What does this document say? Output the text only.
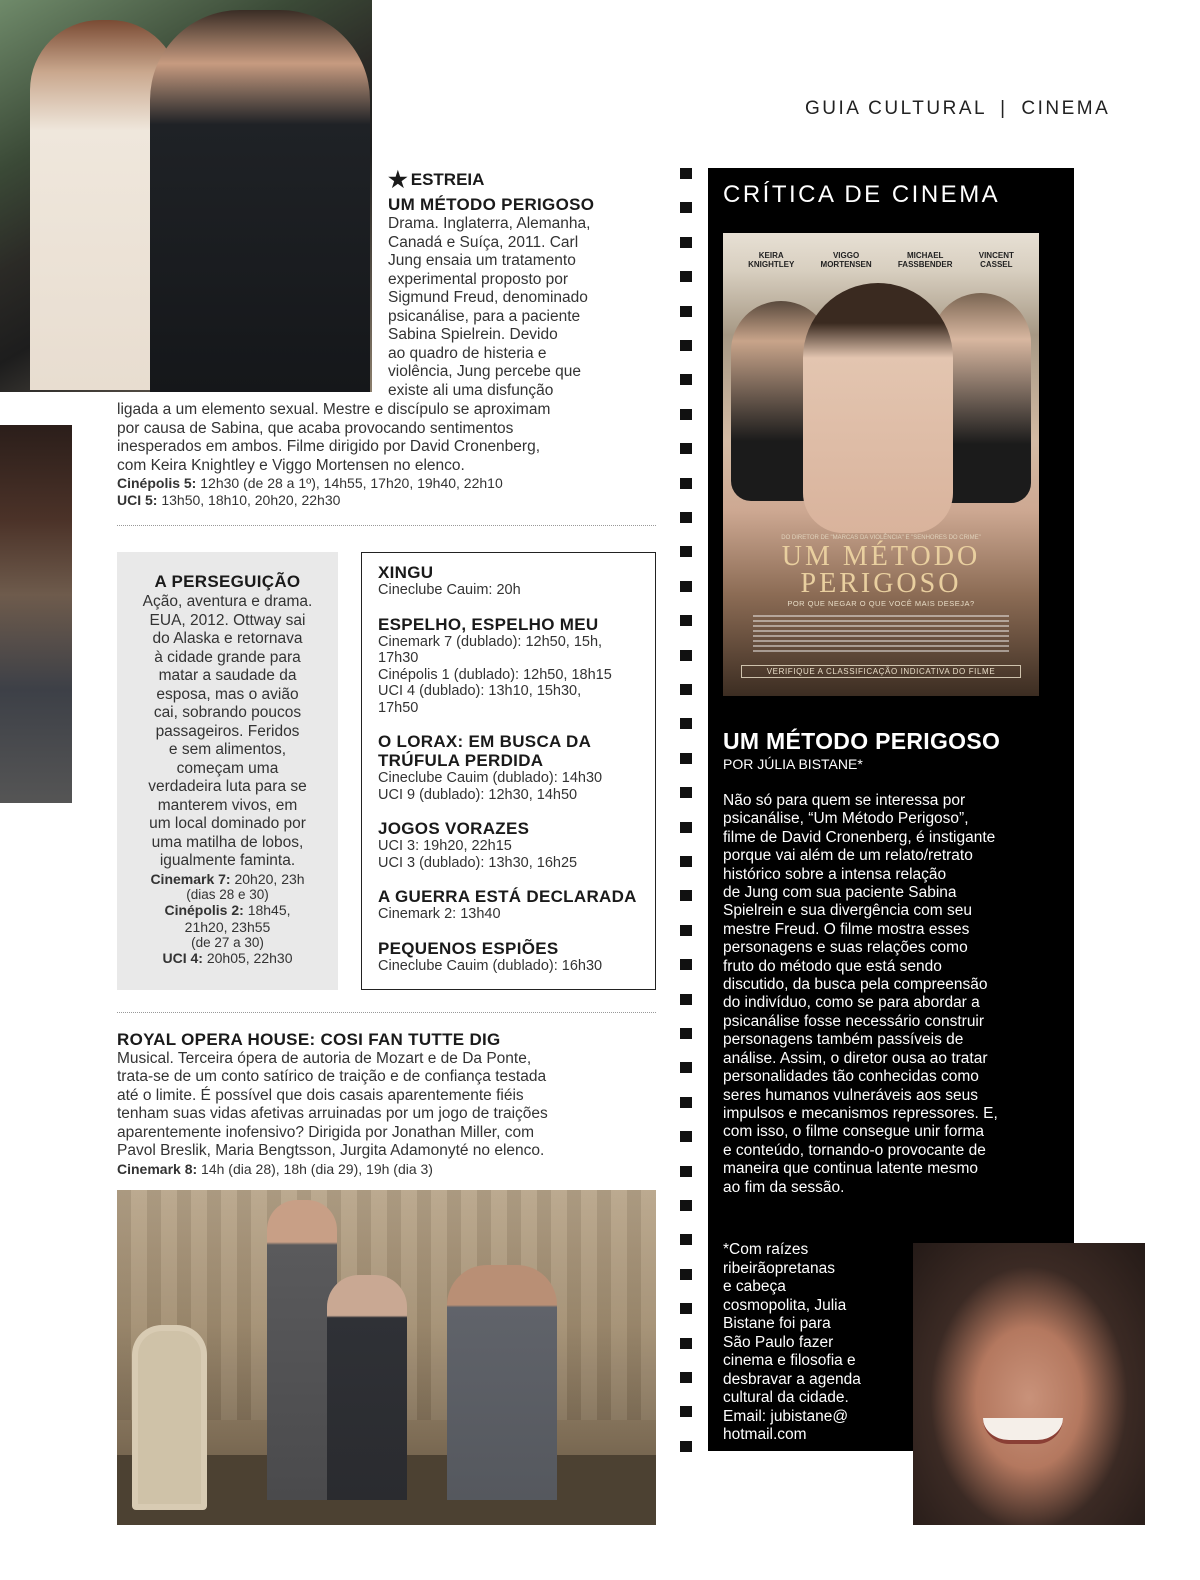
GUIA CULTURAL | CINEMA
★ ESTREIA
UM MÉTODO PERIGOSO
Drama. Inglaterra, Alemanha,
Canadá e Suíça, 2011. Carl
Jung ensaia um tratamento
experimental proposto por
Sigmund Freud, denominado
psicanálise, para a paciente
Sabina Spielrein. Devido
ao quadro de histeria e
violência, Jung percebe que
existe ali uma disfunção
ligada a um elemento sexual. Mestre e discípulo se aproximam
por causa de Sabina, que acaba provocando sentimentos
inesperados em ambos. Filme dirigido por David Cronenberg,
com Keira Knightley e Viggo Mortensen no elenco.
Cinépolis 5: 12h30 (de 28 a 1º), 14h55, 17h20, 19h40, 22h10
UCI 5: 13h50, 18h10, 20h20, 22h30
A PERSEGUIÇÃO
Ação, aventura e drama.
EUA, 2012. Ottway sai
do Alaska e retornava
à cidade grande para
matar a saudade da
esposa, mas o avião
cai, sobrando poucos
passageiros. Feridos
e sem alimentos,
começam uma
verdadeira luta para se
manterem vivos, em
um local dominado por
uma matilha de lobos,
igualmente faminta.
Cinemark 7: 20h20, 23h
(dias 28 e 30)
Cinépolis 2: 18h45,
21h20, 23h55
(de 27 a 30)
UCI 4: 20h05, 22h30
XINGU
Cineclube Cauim: 20h
ESPELHO, ESPELHO MEU
Cinemark 7 (dublado): 12h50, 15h,
17h30
Cinépolis 1 (dublado): 12h50, 18h15
UCI 4 (dublado): 13h10, 15h30,
17h50
O LORAX: EM BUSCA DA
TRÚFULA PERDIDA
Cineclube Cauim (dublado): 14h30
UCI 9 (dublado): 12h30, 14h50
JOGOS VORAZES
UCI 3: 19h20, 22h15
UCI 3 (dublado): 13h30, 16h25
A GUERRA ESTÁ DECLARADA
Cinemark 2: 13h40
PEQUENOS ESPIÕES
Cineclube Cauim (dublado): 16h30
ROYAL OPERA HOUSE: COSI FAN TUTTE DIG
Musical. Terceira ópera de autoria de Mozart e de Da Ponte,
trata-se de um conto satírico de traição e de confiança testada
até o limite. É possível que dois casais aparentemente fiéis
tenham suas vidas afetivas arruinadas por um jogo de traições
aparentemente inofensivo? Dirigida por Jonathan Miller, com
Pavol Breslik, Maria Bengtsson, Jurgita Adamonyté no elenco.
Cinemark 8: 14h (dia 28), 18h (dia 29), 19h (dia 3)
CRÍTICA DE CINEMA
KEIRA
KNIGHTLEY
VIGGO
MORTENSEN
MICHAEL
FASSBENDER
VINCENT
CASSEL
DO DIRETOR DE "MARCAS DA VIOLÊNCIA" E "SENHORES DO CRIME"
UM MÉTODO
PERIGOSO
POR QUE NEGAR O QUE VOCÊ MAIS DESEJA?
VERIFIQUE A CLASSIFICAÇÃO INDICATIVA DO FILME
UM MÉTODO PERIGOSO
POR JÚLIA BISTANE*
Não só para quem se interessa por
psicanálise, “Um Método Perigoso”,
filme de David Cronenberg, é instigante
porque vai além de um relato/retrato
histórico sobre a intensa relação
de Jung com sua paciente Sabina
Spielrein e sua divergência com seu
mestre Freud. O filme mostra esses
personagens e suas relações como
fruto do método que está sendo
discutido, da busca pela compreensão
do indivíduo, como se para abordar a
psicanálise fosse necessário construir
personagens também passíveis de
análise. Assim, o diretor ousa ao tratar
personalidades tão conhecidas como
seres humanos vulneráveis aos seus
impulsos e mecanismos repressores. E,
com isso, o filme consegue unir forma
e conteúdo, tornando-o provocante de
maneira que continua latente mesmo
ao fim da sessão.
*Com raízes
ribeirãopretanas
e cabeça
cosmopolita, Julia
Bistane foi para
São Paulo fazer
cinema e filosofia e
desbravar a agenda
cultural da cidade.
Email: jubistane@
hotmail.com
